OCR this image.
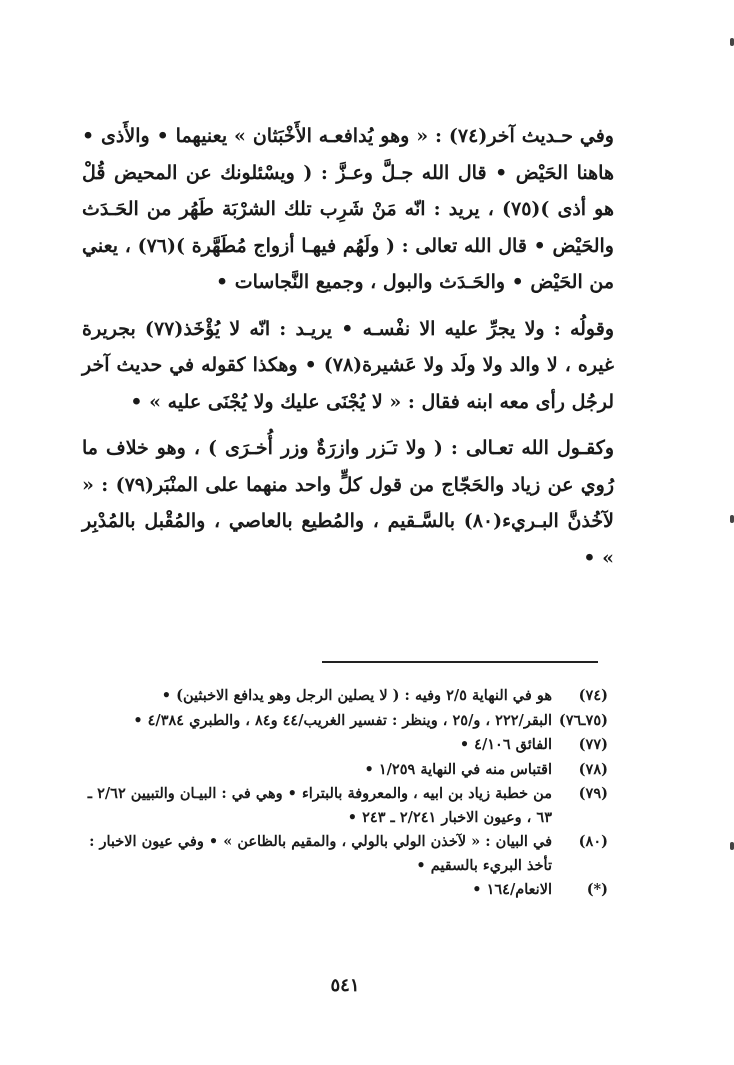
وفي حـديث آخر(٧٤) : « وهو يُدافعـه الأَخْبَثان » يعنيهما • والأَذى • هاهنا الحَيْض • قال الله جـلَّ وعـزَّ : ( ويسْئلونك عن المحيض قُلْ هو أذى )(٧٥) ، يريد : انّه مَنْ شَرِب تلك الشرْبَة طَهُر من الحَـدَث والحَيْض • قال الله تعالى : ( ولَهُم فيهـا أزواج مُطَهَّرة )(٧٦) ، يعني من الحَيْض • والحَـدَث والبول ، وجميع النَّجاسات •

وقولُه : ولا يجرِّ عليه الا نفْسـه • يريـد : انّه لا يُؤْخَذ(٧٧) بجريرة غيره ، لا والد ولا ولَد ولا عَشيرة(٧٨) • وهكذا كقوله في حديث آخر لرجُل رأى معه ابنه فقال : « لا يُجْنَى عليك ولا يُجْنَى عليه » •

وكقـول الله تعـالى : ( ولا تـَزر وازرَةٌ وزر أُخـرَى ) ، وهو خلاف ما رُوي عن زياد والحَجّاج من قول كلٍّ واحد منهما على المنْبَر(٧٩) : « لآخُذنَّ البـريء(٨٠) بالسَّـقيم ، والمُطيع بالعاصي ، والمُقْبل بالمُدْبِر » •

(٧٤)
هو في النهاية ٢/٥ وفيه : ( لا يصلين الرجل وهو يدافع الاخبثين) •
(٧٥ـ٧٦)
البقر/٢٢٢ ، و/٢٥ ، وينظر : تفسير الغريب/٤٤ و٨٤ ، والطبري ٤/٣٨٤ •
(٧٧)
الفائق ٤/١٠٦ •
(٧٨)
اقتباس منه في النهاية ١/٢٥٩ •
(٧٩)
من خطبة زياد بن ابيه ، والمعروفة بالبتراء • وهي في : البيـان والتبيين ٢/٦٢ ـ ٦٣ ، وعيون الاخبار ٢/٢٤١ ـ ٢٤٣ •
(٨٠)
في البيان : « لآخذن الولي بالولي ، والمقيم بالظاعن » • وفي عيون الاخبار : تأخذ البريء بالسقيم •
(*)
الانعام/١٦٤ •
٥٤١
